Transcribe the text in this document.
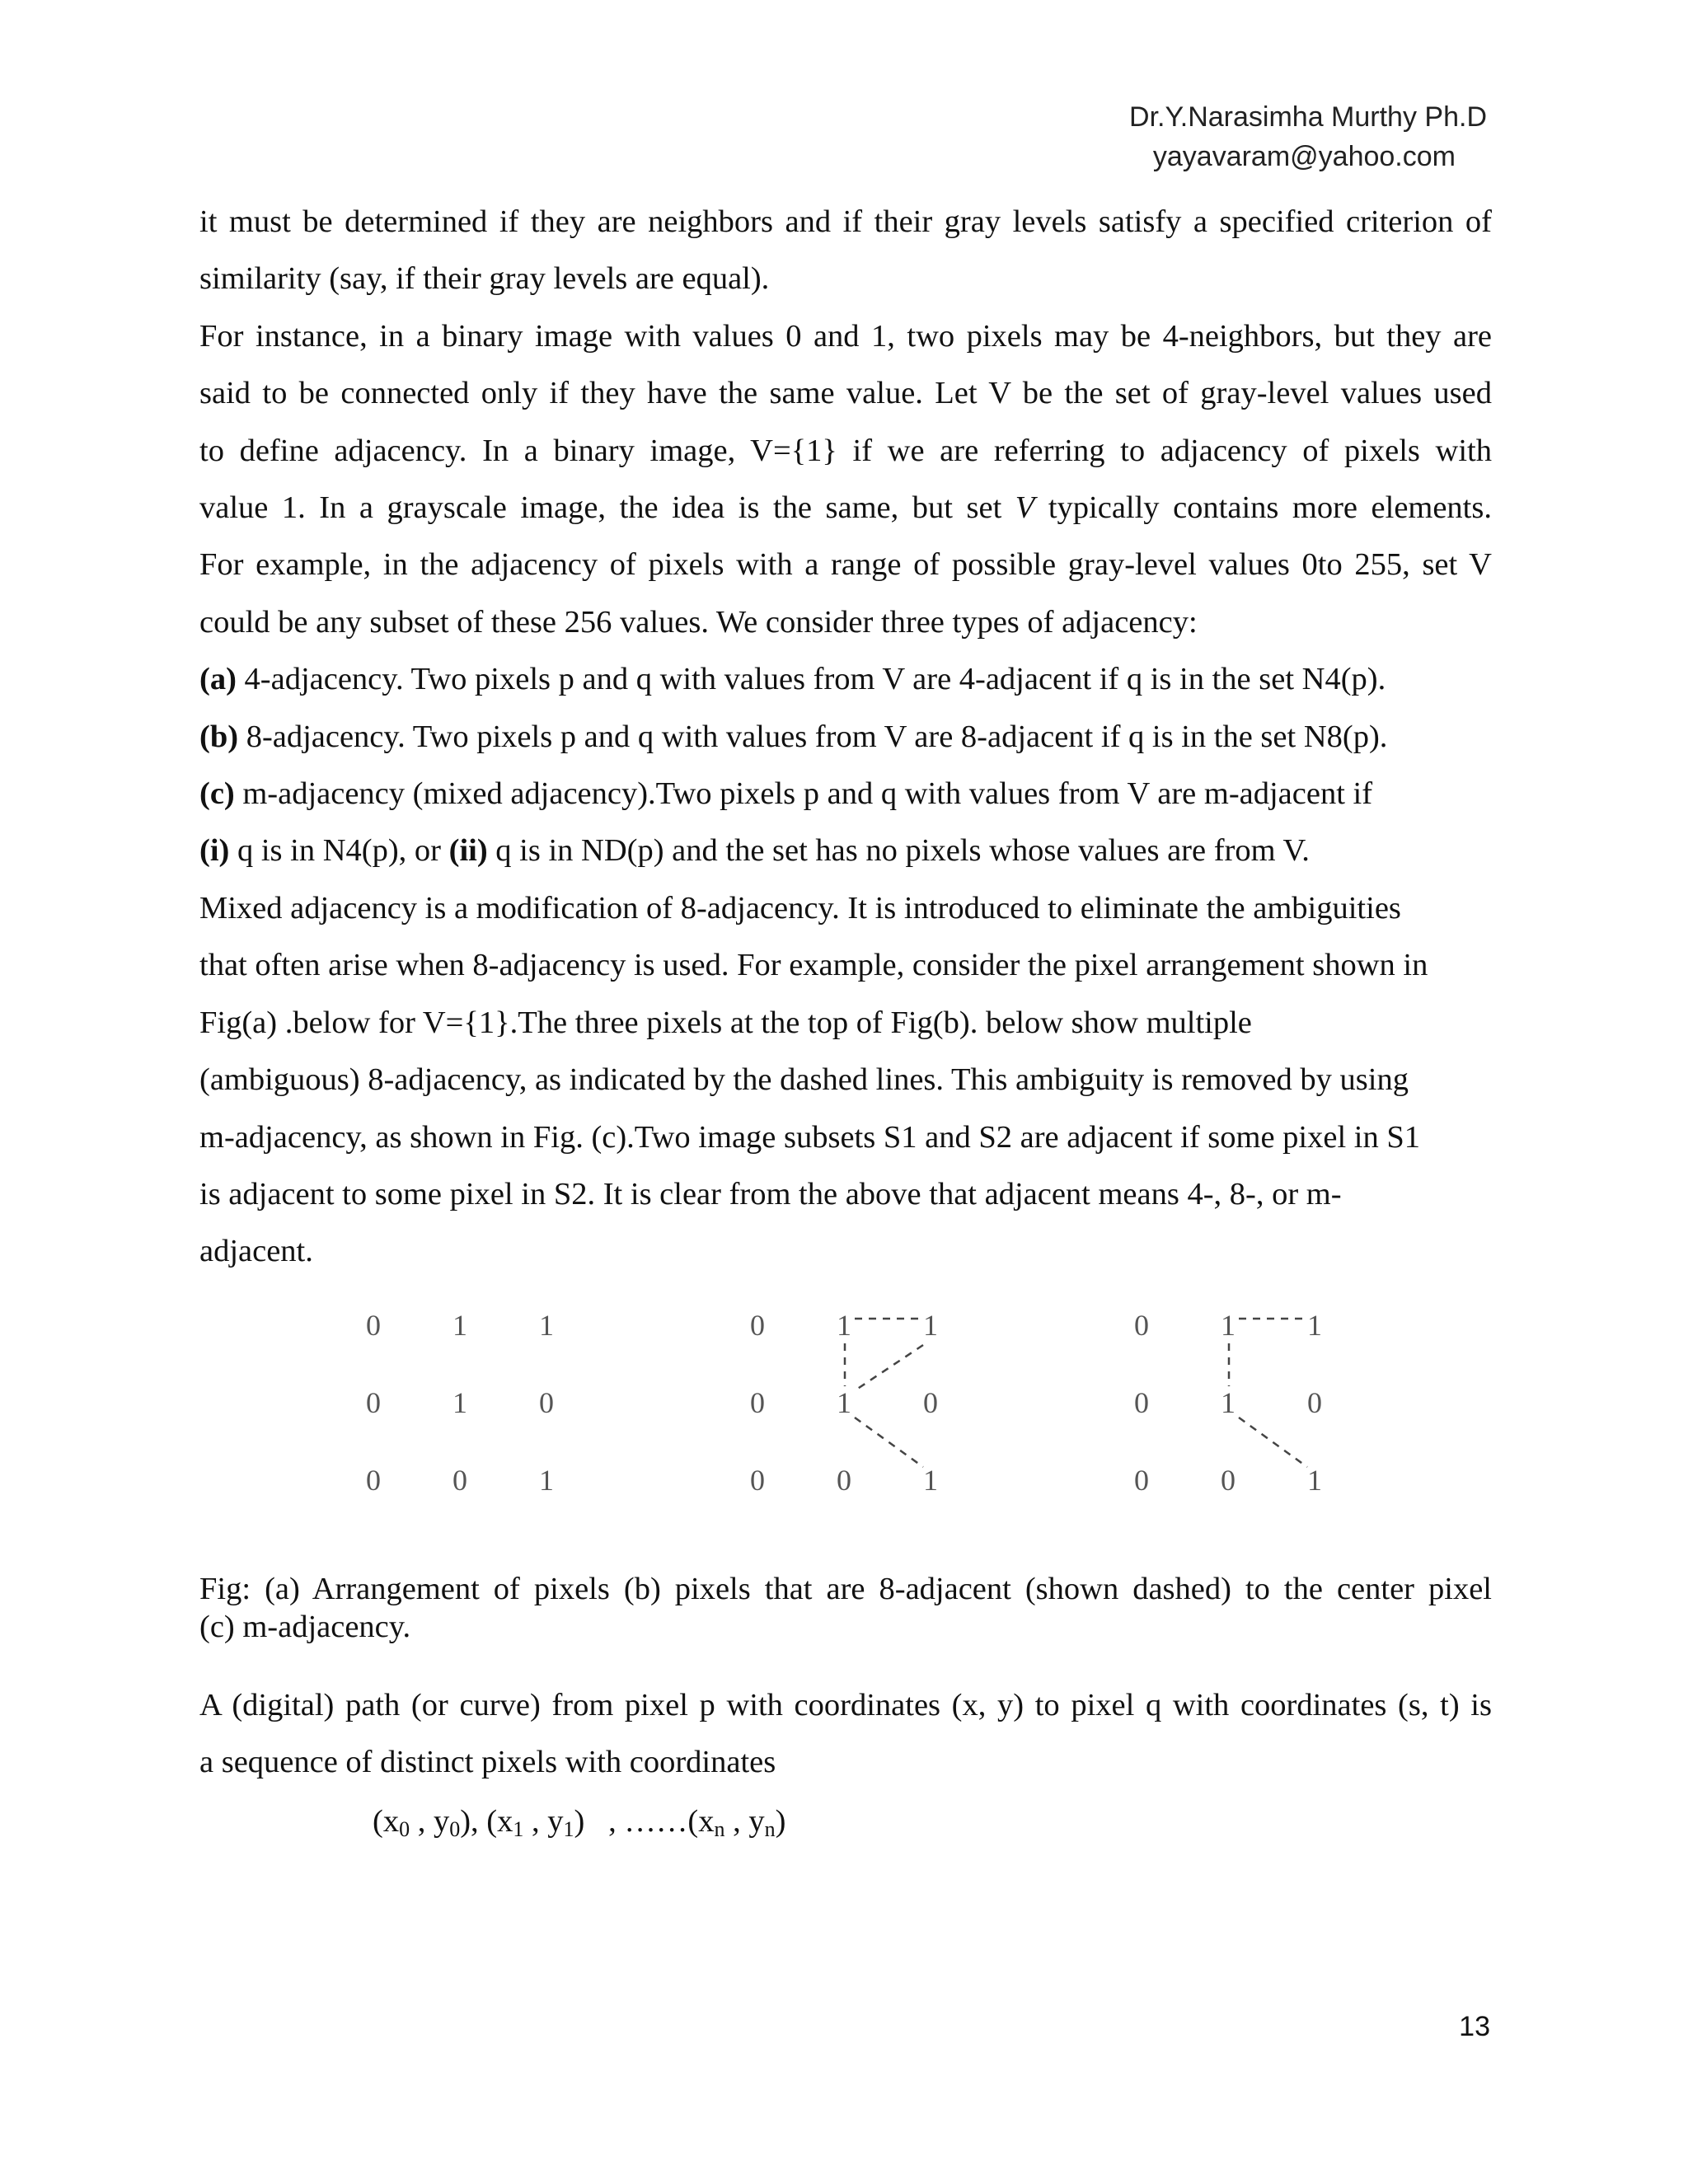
Dr.Y.Narasimha Murthy Ph.D
yayavaram@yahoo.com

it must be determined if they are neighbors and if their gray levels satisfy a specified criterion of

similarity (say, if their gray levels are equal).

For instance, in a binary image with values 0 and 1, two pixels may be 4-neighbors, but they are

said to be connected only if they have the same value. Let V be the set of gray-level values used

to define adjacency. In a binary image, V={1} if we are referring to adjacency of pixels with

value 1. In a grayscale image, the idea is the same, but set V typically contains more elements.

For example, in the adjacency of pixels with a range of possible gray-level values 0to 255, set V

could be any subset of these 256 values. We consider three types of adjacency:

(a) 4-adjacency. Two pixels p and q with values from V are 4-adjacent if q is in the set N4(p).

(b) 8-adjacency. Two pixels p and q with values from V are 8-adjacent if q is in the set N8(p).

(c) m-adjacency (mixed adjacency).Two pixels p and q with values from V are m-adjacent if

(i) q is in N4(p), or (ii) q is in ND(p) and the set has no pixels whose values are from V.

Mixed adjacency is a modification of 8-adjacency. It is introduced to eliminate the ambiguities

that often arise when 8-adjacency is used. For example, consider the pixel arrangement shown in

Fig(a) .below for V={1}.The three pixels at the top of Fig(b). below show multiple

(ambiguous) 8-adjacency, as indicated by the dashed lines. This ambiguity is removed by using

m-adjacency, as shown in Fig. (c).Two image subsets S1 and S2 are adjacent if some pixel in S1

is adjacent to some pixel in S2. It is clear from the above that adjacent means 4-, 8-, or m-

adjacent.

0 1 1
0 1 0
0 0 1
0 1 1
0 1 0
0 0 1
0 1 1
0 1 0
0 0 1
Fig: (a) Arrangement of pixels (b) pixels that are 8-adjacent (shown dashed) to the center pixel
(c) m-adjacency.

A (digital) path (or curve) from pixel p with coordinates (x, y) to pixel q with coordinates (s, t) is

a sequence of distinct pixels with coordinates

($x_0$ , $y_0$), ($x_1$ , $y_1$)   , $\dots\dots(x_n$ , $y_n$)
13
